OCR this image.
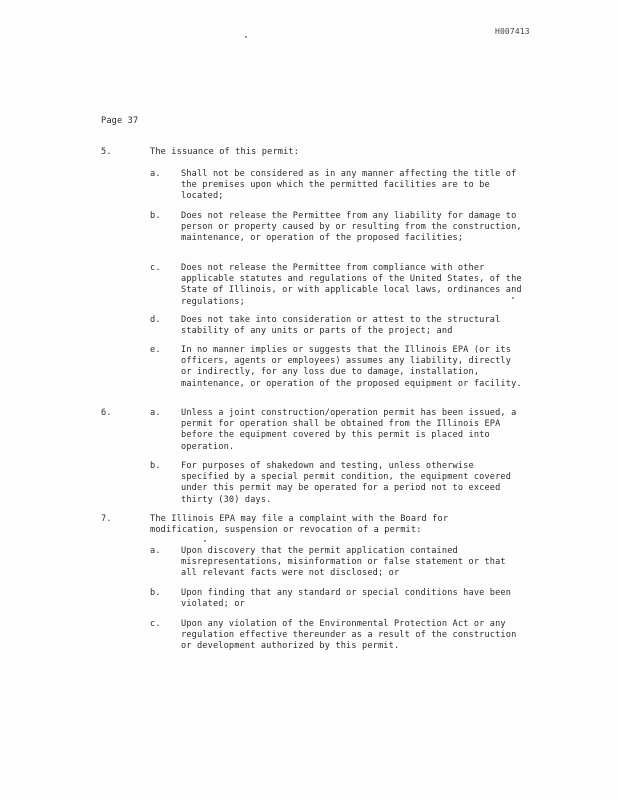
H007413
Page 37
5.	The issuance of this permit:
a. Shall not be considered as in any manner affecting the title of the premises upon which the permitted facilities are to be located;
b. Does not release the Permittee from any liability for damage to person or property caused by or resulting from the construction, maintenance, or operation of the proposed facilities;
c. Does not release the Permittee from compliance with other applicable statutes and regulations of the United States, of the State of Illinois, or with applicable local laws, ordinances and regulations;
d. Does not take into consideration or attest to the structural stability of any units or parts of the project; and
e. In no manner implies or suggests that the Illinois EPA (or its officers, agents or employees) assumes any liability, directly or indirectly, for any loss due to damage, installation, maintenance, or operation of the proposed equipment or facility.
6.	a. Unless a joint construction/operation permit has been issued, a permit for operation shall be obtained from the Illinois EPA before the equipment covered by this permit is placed into operation.
b. For purposes of shakedown and testing, unless otherwise specified by a special permit condition, the equipment covered under this permit may be operated for a period not to exceed thirty (30) days.
7.	The Illinois EPA may file a complaint with the Board for modification, suspension or revocation of a permit:
a. Upon discovery that the permit application contained misrepresentations, misinformation or false statement or that all relevant facts were not disclosed; or
b. Upon finding that any standard or special conditions have been violated; or
c. Upon any violation of the Environmental Protection Act or any regulation effective thereunder as a result of the construction or development authorized by this permit.
